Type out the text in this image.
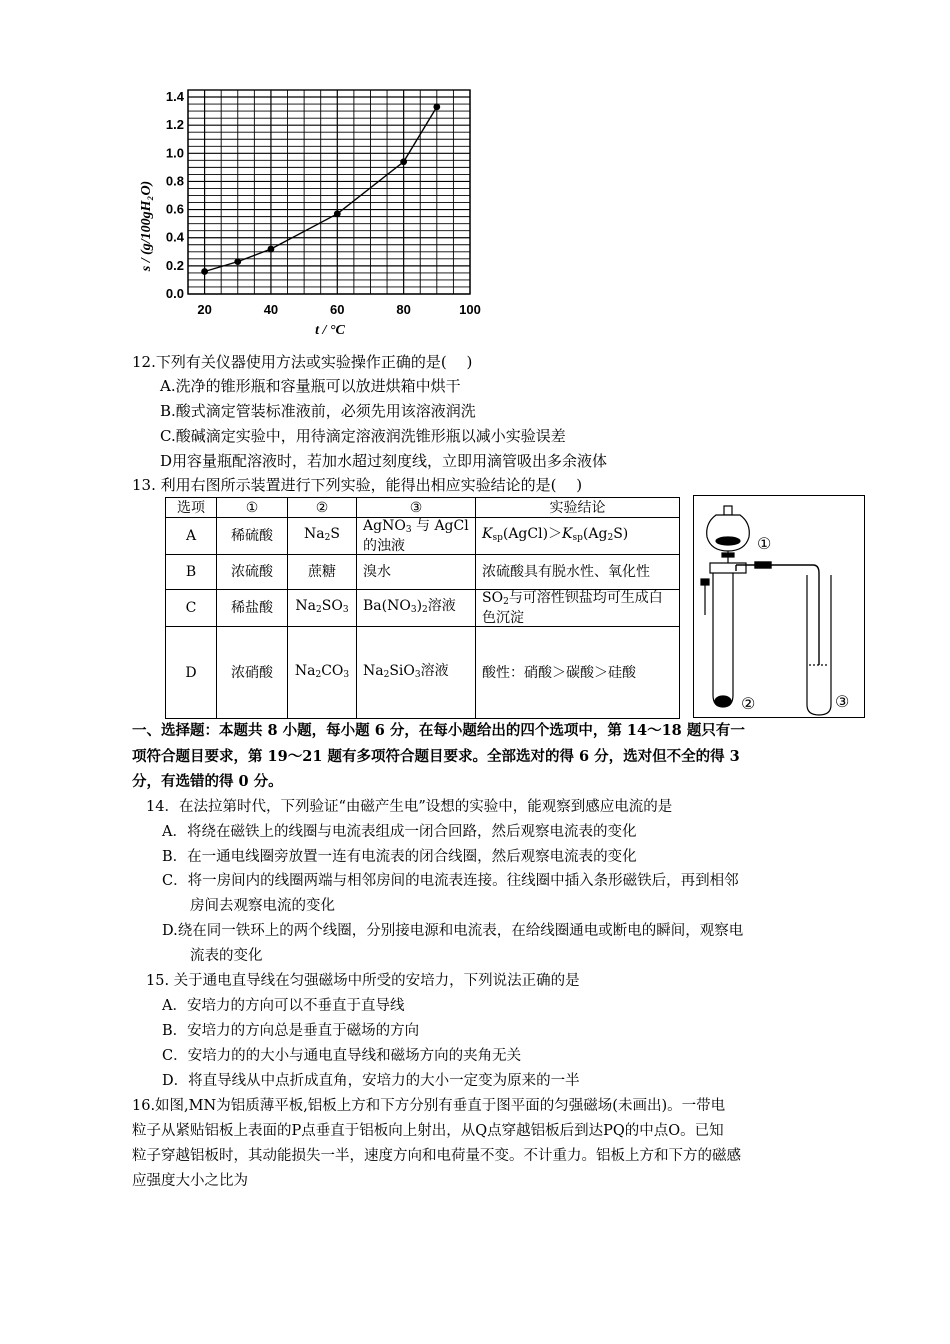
0.0
0.2
0.4
0.6
0.8
1.0
1.2
1.4
20	40	60	80	100
s / (g/100gH₂O)
t / °C
12.下列有关仪器使用方法或实验操作正确的是(　 )
A.洗净的锥形瓶和容量瓶可以放进烘箱中烘干
B.酸式滴定管装标准液前，必须先用该溶液润洗
C.酸碱滴定实验中，用待滴定溶液润洗锥形瓶以减小实验误差
D用容量瓶配溶液时，若加水超过刻度线，立即用滴管吸出多余液体
13. 利用右图所示装置进行下列实验，能得出相应实验结论的是(　 )
选项	①	②	③	实验结论
A	稀硫酸	$Na_2S$	AgNO$_3$ 与 AgCl的浊液	$K_{sp}(AgCl)>K_{sp}(Ag_2S)$
B	浓硫酸	蔗糖	溴水	浓硫酸具有脱水性、氧化性
C	稀盐酸	$Na_2SO_3$	$Ba(NO_3)_2$溶液	$SO_2$与可溶性钡盐均可生成白色沉淀
D	浓硝酸	$Na_2CO_3$	$Na_2SiO_3$溶液	酸性：硝酸＞碳酸＞硅酸
①
②	③
一、选择题：本题共 8 小题，每小题 6 分，在每小题给出的四个选项中，第 14～18 题只有一
项符合题目要求，第 19～21 题有多项符合题目要求。全部选对的得 6 分，选对但不全的得 3
分，有选错的得 0 分。
14．在法拉第时代，下列验证“由磁产生电”设想的实验中，能观察到感应电流的是
A．将绕在磁铁上的线圈与电流表组成一闭合回路，然后观察电流表的变化
B．在一通电线圈旁放置一连有电流表的闭合线圈，然后观察电流表的变化
C．将一房间内的线圈两端与相邻房间的电流表连接。往线圈中插入条形磁铁后，再到相邻
房间去观察电流的变化
D.绕在同一铁环上的两个线圈，分别接电源和电流表，在给线圈通电或断电的瞬间，观察电
流表的变化
15. 关于通电直导线在匀强磁场中所受的安培力，下列说法正确的是
A．安培力的方向可以不垂直于直导线
B．安培力的方向总是垂直于磁场的方向
C．安培力的的大小与通电直导线和磁场方向的夹角无关
D．将直导线从中点折成直角，安培力的大小一定变为原来的一半
16.如图,MN为铝质薄平板,铝板上方和下方分别有垂直于图平面的匀强磁场(未画出)。一带电
粒子从紧贴铝板上表面的P点垂直于铝板向上射出，从Q点穿越铝板后到达PQ的中点O。已知
粒子穿越铝板时，其动能损失一半，速度方向和电荷量不变。不计重力。铝板上方和下方的磁感
应强度大小之比为
